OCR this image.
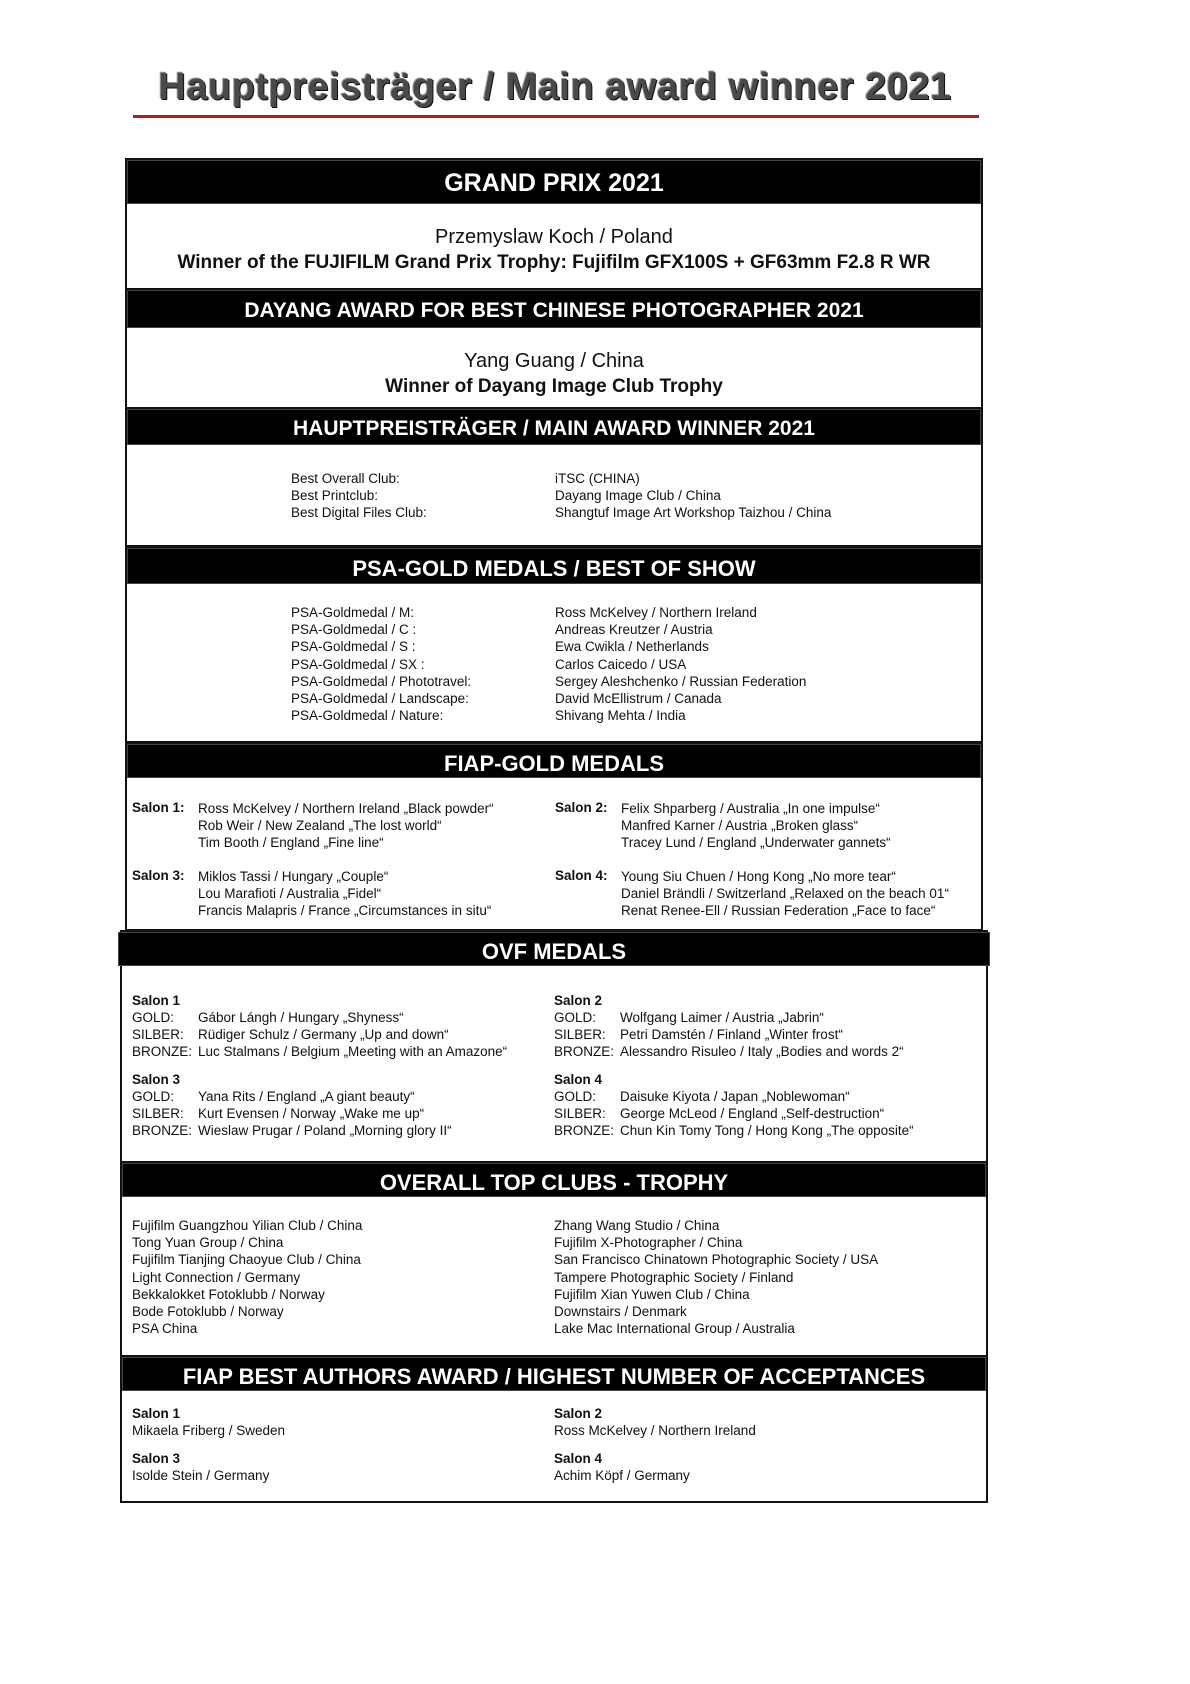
Hauptpreisträger / Main award winner 2021
GRAND PRIX 2021
Przemyslaw Koch / Poland
Winner of the FUJIFILM Grand Prix Trophy: Fujifilm GFX100S + GF63mm F2.8 R WR
DAYANG AWARD FOR BEST CHINESE PHOTOGRAPHER 2021
Yang Guang / China
Winner of Dayang Image Club Trophy
HAUPTPREISTRÄGER / MAIN AWARD WINNER 2021
Best Overall Club:
Best Printclub:
Best Digital Files Club:
iTSC (CHINA)
Dayang Image Club / China
Shangtuf Image Art Workshop Taizhou / China
PSA-GOLD MEDALS / BEST OF SHOW
PSA-Goldmedal / M:
PSA-Goldmedal / C :
PSA-Goldmedal / S :
PSA-Goldmedal / SX :
PSA-Goldmedal / Phototravel:
PSA-Goldmedal / Landscape:
PSA-Goldmedal / Nature:
Ross McKelvey / Northern Ireland
Andreas Kreutzer / Austria
Ewa Cwikla / Netherlands
Carlos Caicedo / USA
Sergey Aleshchenko / Russian Federation
David McEllistrum / Canada
Shivang Mehta / India
FIAP-GOLD MEDALS
Salon 1: Ross McKelvey / Northern Ireland „Black powder“
Rob Weir / New Zealand „The lost world“
Tim Booth / England „Fine line“
Salon 2: Felix Shparberg / Australia „In one impulse“
Manfred Karner / Austria „Broken glass“
Tracey Lund / England „Underwater gannets“
Salon 3: Miklos Tassi / Hungary „Couple“
Lou Marafioti / Australia „Fidel“
Francis Malapris / France „Circumstances in situ“
Salon 4: Young Siu Chuen / Hong Kong „No more tear“
Daniel Brändli / Switzerland „Relaxed on the beach 01“
Renat Renee-Ell / Russian Federation „Face to face“
OVF MEDALS
Salon 1
GOLD:
SILBER:
BRONZE:
Gábor Lángh / Hungary „Shyness“
Rüdiger Schulz / Germany „Up and down“
Luc Stalmans / Belgium „Meeting with an Amazone“
Salon 2
GOLD:
SILBER:
BRONZE:
Wolfgang Laimer / Austria „Jabrin“
Petri Damstén / Finland „Winter frost“
Alessandro Risuleo / Italy „Bodies and words 2“
Salon 3
GOLD:
SILBER:
BRONZE:
Yana Rits / England „A giant beauty“
Kurt Evensen / Norway „Wake me up“
Wieslaw Prugar / Poland „Morning glory II“
Salon 4
GOLD:
SILBER:
BRONZE:
Daisuke Kiyota / Japan „Noblewoman“
George McLeod / England „Self-destruction“
Chun Kin Tomy Tong / Hong Kong „The opposite“
OVERALL TOP CLUBS - TROPHY
Fujifilm Guangzhou Yilian Club / China
Tong Yuan Group / China
Fujifilm Tianjing Chaoyue Club / China
Light Connection / Germany
Bekkalokket Fotoklubb / Norway
Bode Fotoklubb / Norway
PSA China
Zhang Wang Studio / China
Fujifilm X-Photographer / China
San Francisco Chinatown Photographic Society / USA
Tampere Photographic Society / Finland
Fujifilm Xian Yuwen Club / China
Downstairs / Denmark
Lake Mac International Group / Australia
FIAP BEST AUTHORS AWARD / HIGHEST NUMBER OF ACCEPTANCES
Salon 1
Mikaela Friberg / Sweden
Salon 2
Ross McKelvey / Northern Ireland
Salon 3
Isolde Stein / Germany
Salon 4
Achim Köpf / Germany
